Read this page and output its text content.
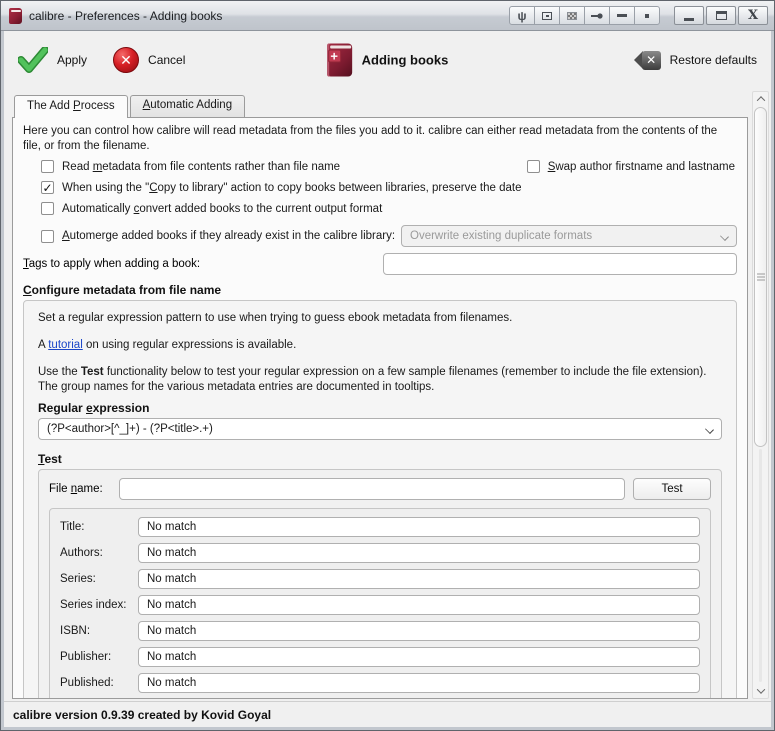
calibre - Preferences - Adding books	ψ	X
Apply	✕	Cancel	+ Adding books	✕	Restore defaults
The Add Process	Automatic Adding
Here you can control how calibre will read metadata from the files you add to it. calibre can either read metadata from the contents of the file, or from the filename.
Read metadata from file contents rather than file name	Swap author firstname and lastname
✓ When using the "Copy to library" action to copy books between libraries, preserve the date
Automatically convert added books to the current output format
Automerge added books if they already exist in the calibre library: Overwrite existing duplicate formats
Tags to apply when adding a book:
Configure metadata from file name
Set a regular expression pattern to use when trying to guess ebook metadata from filenames.
A tutorial on using regular expressions is available.
Use the Test functionality below to test your regular expression on a few sample filenames (remember to include the file extension). The group names for the various metadata entries are documented in tooltips.
Regular expression
(?P<author>[^_]+) - (?P<title>.+)
Test
File name:	Test
Title:	No match
Authors:	No match
Series:	No match
Series index:	No match
ISBN:	No match
Publisher:	No match
Published:	No match
calibre version 0.9.39 created by Kovid Goyal
